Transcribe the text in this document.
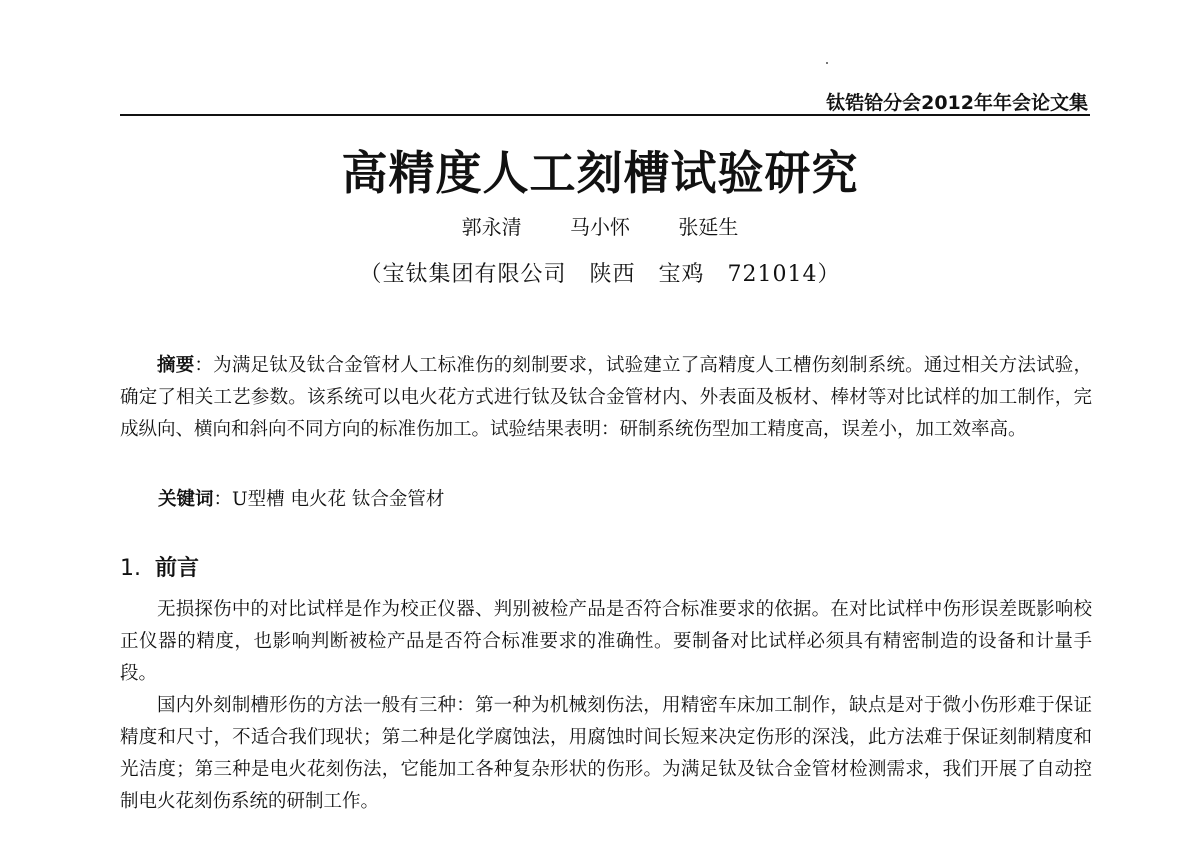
钛锆铪分会2012年年会论文集
高精度人工刻槽试验研究
郭永清 马小怀 张延生
（宝钛集团有限公司　陕西　宝鸡　721014）

摘要：为满足钛及钛合金管材人工标准伤的刻制要求，试验建立了高精度人工槽伤刻制系统。通过相关方法试验，确定了相关工艺参数。该系统可以电火花方式进行钛及钛合金管材内、外表面及板材、棒材等对比试样的加工制作，完成纵向、横向和斜向不同方向的标准伤加工。试验结果表明：研制系统伤型加工精度高，误差小，加工效率高。

关键词：U型槽 电火花 钛合金管材
1. 前言

无损探伤中的对比试样是作为校正仪器、判别被检产品是否符合标准要求的依据。在对比试样中伤形误差既影响校正仪器的精度，也影响判断被检产品是否符合标准要求的准确性。要制备对比试样必须具有精密制造的设备和计量手段。

国内外刻制槽形伤的方法一般有三种：第一种为机械刻伤法，用精密车床加工制作，缺点是对于微小伤形难于保证精度和尺寸，不适合我们现状；第二种是化学腐蚀法，用腐蚀时间长短来决定伤形的深浅，此方法难于保证刻制精度和光洁度；第三种是电火花刻伤法，它能加工各种复杂形状的伤形。为满足钛及钛合金管材检测需求，我们开展了自动控制电火花刻伤系统的研制工作。
